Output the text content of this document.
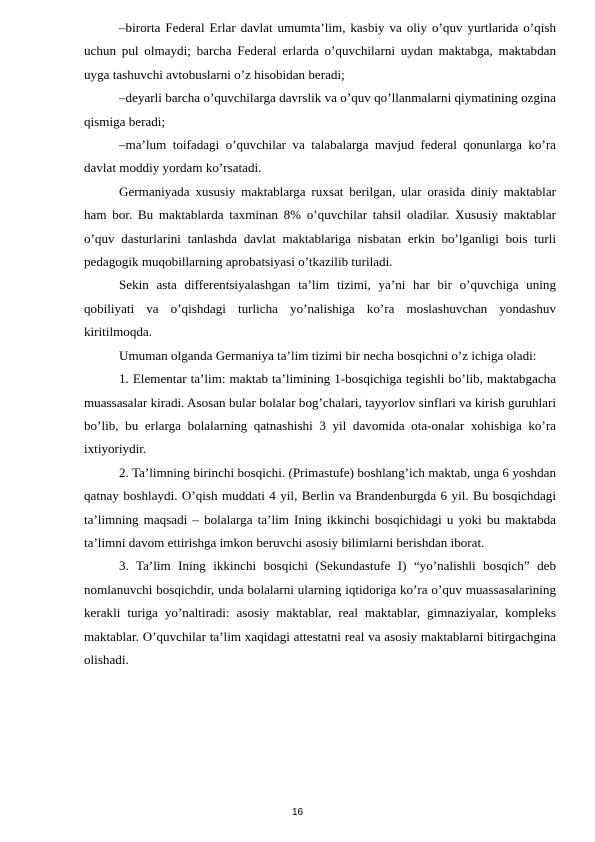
–birorta Federal Erlar davlat umumta’lim, kasbiy va oliy o’quv yurtlarida o’qish uchun pul olmaydi; barcha Federal erlarda o’quvchilarni uydan maktabga, maktabdan uyga tashuvchi avtobuslarni o’z hisobidan beradi;

–deyarli barcha o’quvchilarga davrslik va o’quv qo’llanmalarni qiymatining ozgina qismiga beradi;

–ma’lum toifadagi o’quvchilar va talabalarga mavjud federal qonunlarga ko’ra davlat moddiy yordam ko’rsatadi.

Germaniyada xususiy maktablarga ruxsat berilgan, ular orasida diniy maktablar ham bor. Bu maktablarda taxminan 8% o’quvchilar tahsil oladilar. Xususiy maktablar o’quv dasturlarini tanlashda davlat maktablariga nisbatan erkin bo’lganligi bois turli pedagogik muqobillarning aprobatsiyasi o’tkazilib turiladi.

Sekin asta differentsiyalashgan ta’lim tizimi, ya’ni har bir o’quvchiga uning qobiliyati va o’qishdagi turlicha yo’nalishiga ko’ra moslashuvchan yondashuv kiritilmoqda.

Umuman olganda Germaniya ta’lim tizimi bir necha bosqichni o’z ichiga oladi:

1. Elementar ta’lim: maktab ta’limining 1-bosqichiga tegishli bo’lib, maktabgacha muassasalar kiradi. Asosan bular bolalar bog’chalari, tayyorlov sinflari va kirish guruhlari bo’lib, bu erlarga bolalarning qatnashishi 3 yil davomida ota-onalar xohishiga ko’ra ixtiyoriydir.

2. Ta’limning birinchi bosqichi. (Primastufe) boshlang’ich maktab, unga 6 yoshdan qatnay boshlaydi. O’qish muddati 4 yil, Berlin va Brandenburgda 6 yil. Bu bosqichdagi ta’limning maqsadi – bolalarga ta’lim Ining ikkinchi bosqichidagi u yoki bu maktabda ta’limni davom ettirishga imkon beruvchi asosiy bilimlarni berishdan iborat.

3. Ta’lim Ining ikkinchi bosqichi (Sekundastufe I) “yo’nalishli bosqich” deb nomlanuvchi bosqichdir, unda bolalarni ularning iqtidoriga ko’ra o’quv muassasalarining kerakli turiga yo’naltiradi: asosiy maktablar, real maktablar, gimnaziyalar, kompleks maktablar. O’quvchilar ta’lim xaqidagi attestatni real va asosiy maktablarni bitirgachgina olishadi.

16
